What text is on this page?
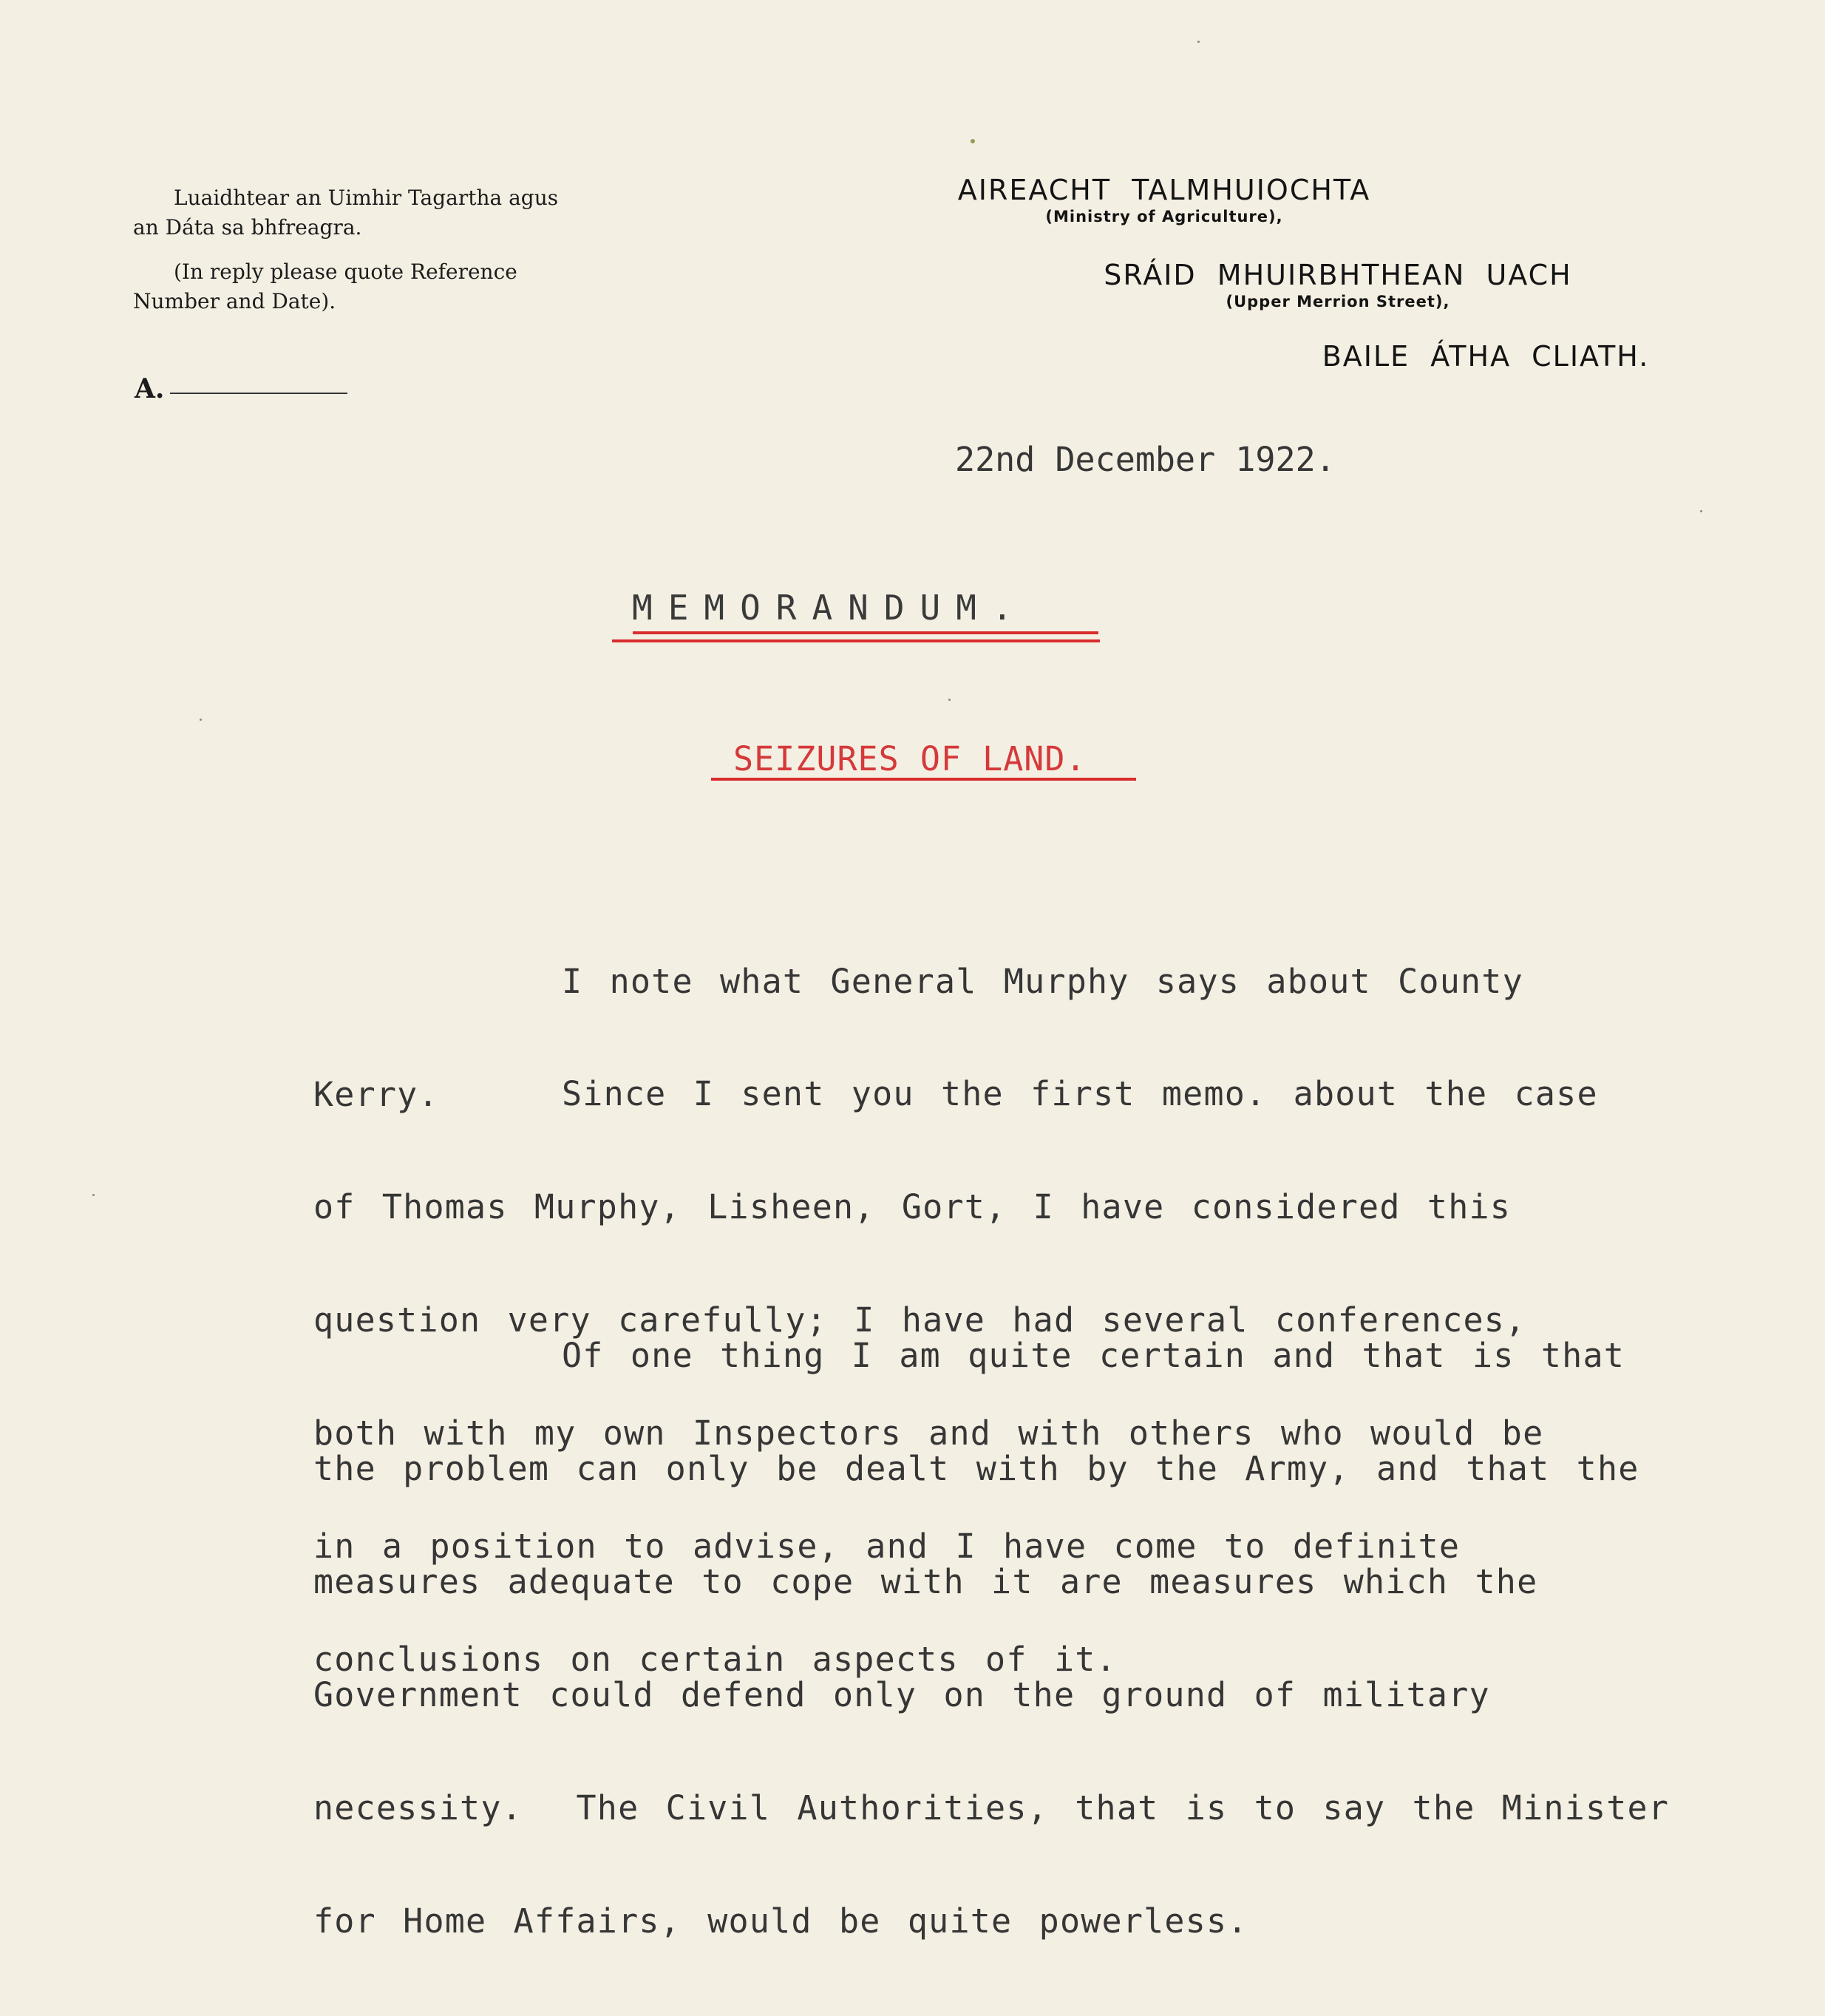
Luaidhtear an Uimhir Tagartha agus
an Dáta sa bhfreagra.
(In reply please quote Reference
Number and Date).
A.
AIREACHT TALMHUIOCHTA
(Ministry of Agriculture),
SRÁID MHUIRBHTHEAN UACH
(Upper Merrion Street),
BAILE ÁTHA CLIATH.
22nd December 1922.
MEMORANDUM.
SEIZURES OF LAND.

I note what General Murphy says about County

Kerry.

	Since I sent you the first memo. about the case

of Thomas Murphy, Lisheen, Gort, I have considered this

question very carefully; I have had several conferences,

both with my own Inspectors and with others who would be

in a position to advise, and I have come to definite

conclusions on certain aspects of it.

Of one thing I am quite certain and that is that

the problem can only be dealt with by the Army, and that the

measures adequate to cope with it are measures which the

Government could defend only on the ground of military

necessity.  The Civil Authorities, that is to say the Minister

for Home Affairs, would be quite powerless.
